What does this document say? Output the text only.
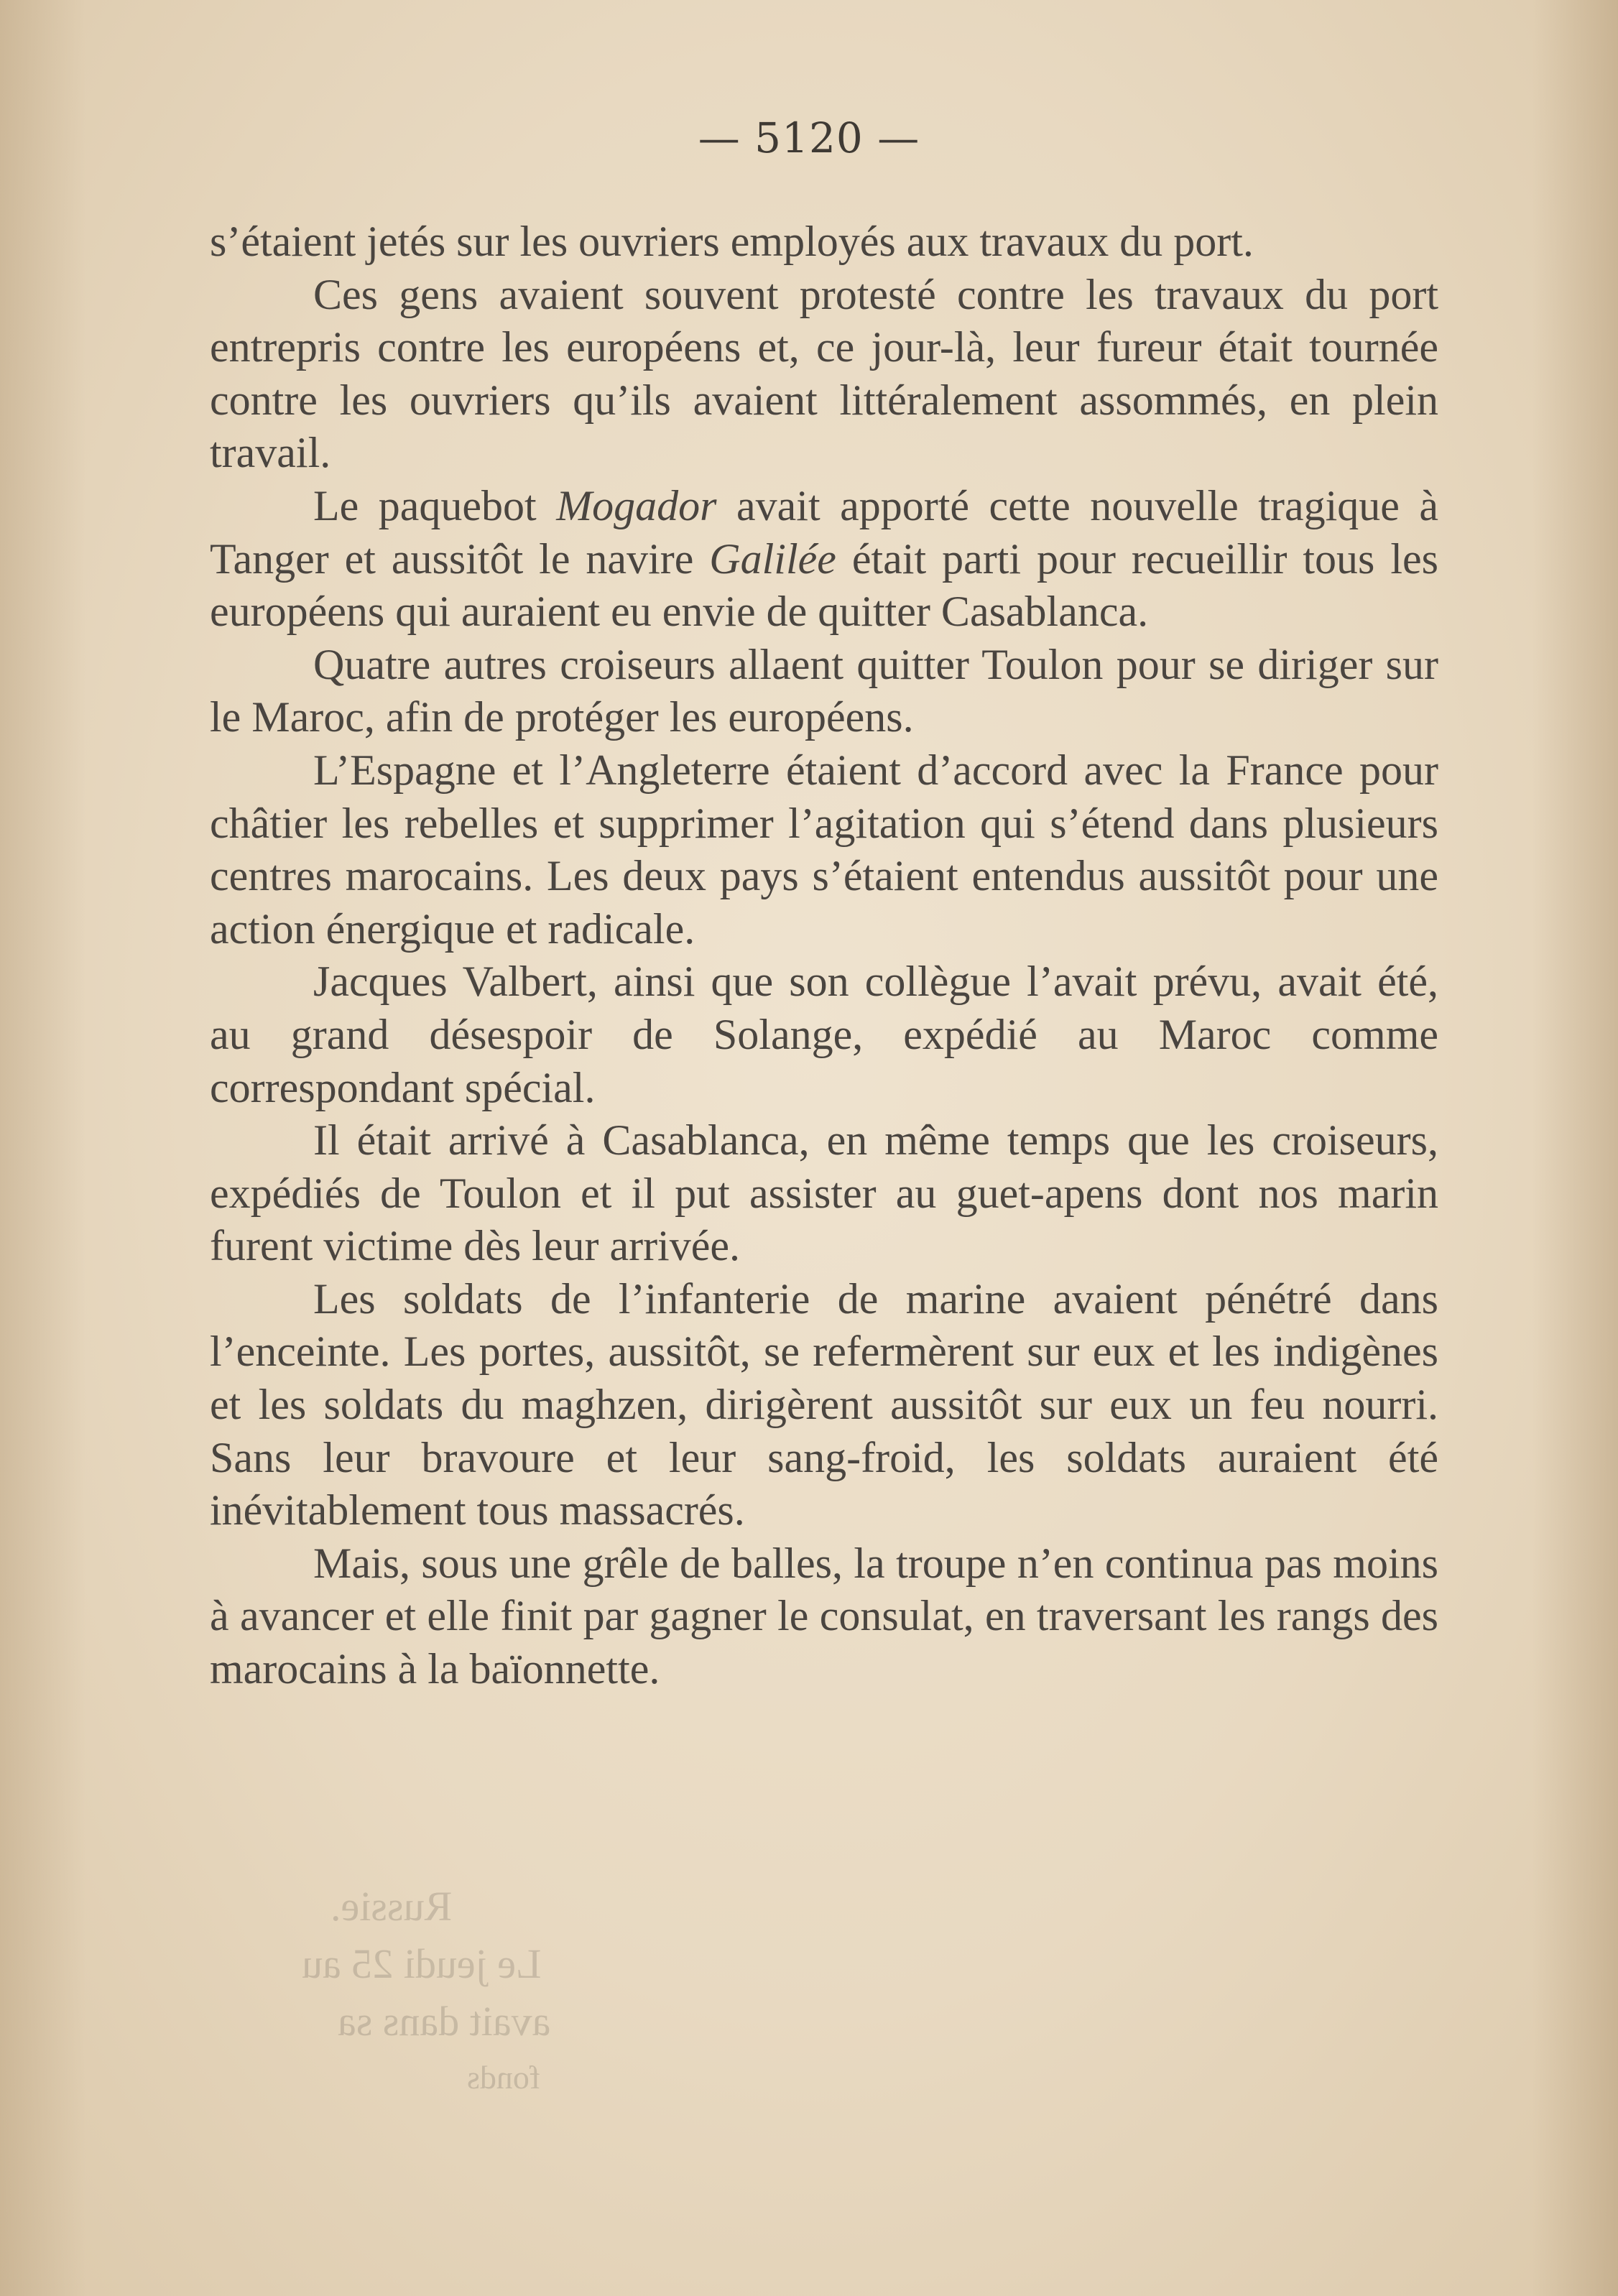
— 5120 —

s’étaient jetés sur les ouvriers employés aux travaux du port.

Ces gens avaient souvent protesté contre les travaux du port entrepris contre les européens et, ce jour-là, leur fureur était tournée contre les ouvriers qu’ils avaient littéralement assommés, en plein travail.

Le paquebot Mogador avait apporté cette nouvelle tragique à Tanger et aussitôt le navire Galilée était parti pour recueillir tous les européens qui auraient eu envie de quitter Casablanca.

Quatre autres croiseurs allaent quitter Toulon pour se diriger sur le Maroc, afin de protéger les européens.

L’Espagne et l’Angleterre étaient d’accord avec la France pour châtier les rebelles et supprimer l’agitation qui s’étend dans plusieurs centres marocains. Les deux pays s’étaient entendus aussitôt pour une action énergique et radicale.

Jacques Valbert, ainsi que son collègue l’avait prévu, avait été, au grand désespoir de Solange, expédié au Maroc comme correspondant spécial.

Il était arrivé à Casablanca, en même temps que les croiseurs, expédiés de Toulon et il put assister au guet-apens dont nos marin furent victime dès leur arrivée.

Les soldats de l’infanterie de marine avaient pénétré dans l’enceinte. Les portes, aussitôt, se refermèrent sur eux et les indigènes et les soldats du maghzen, dirigèrent aussitôt sur eux un feu nourri. Sans leur bravoure et leur sang-froid, les soldats auraient été inévitablement tous massacrés.

Mais, sous une grêle de balles, la troupe n’en continua pas moins à avancer et elle finit par gagner le consulat, en traversant les rangs des marocains à la baïonnette.

Russie.
Le jeudi 25 au
avait dans sa
fonds
